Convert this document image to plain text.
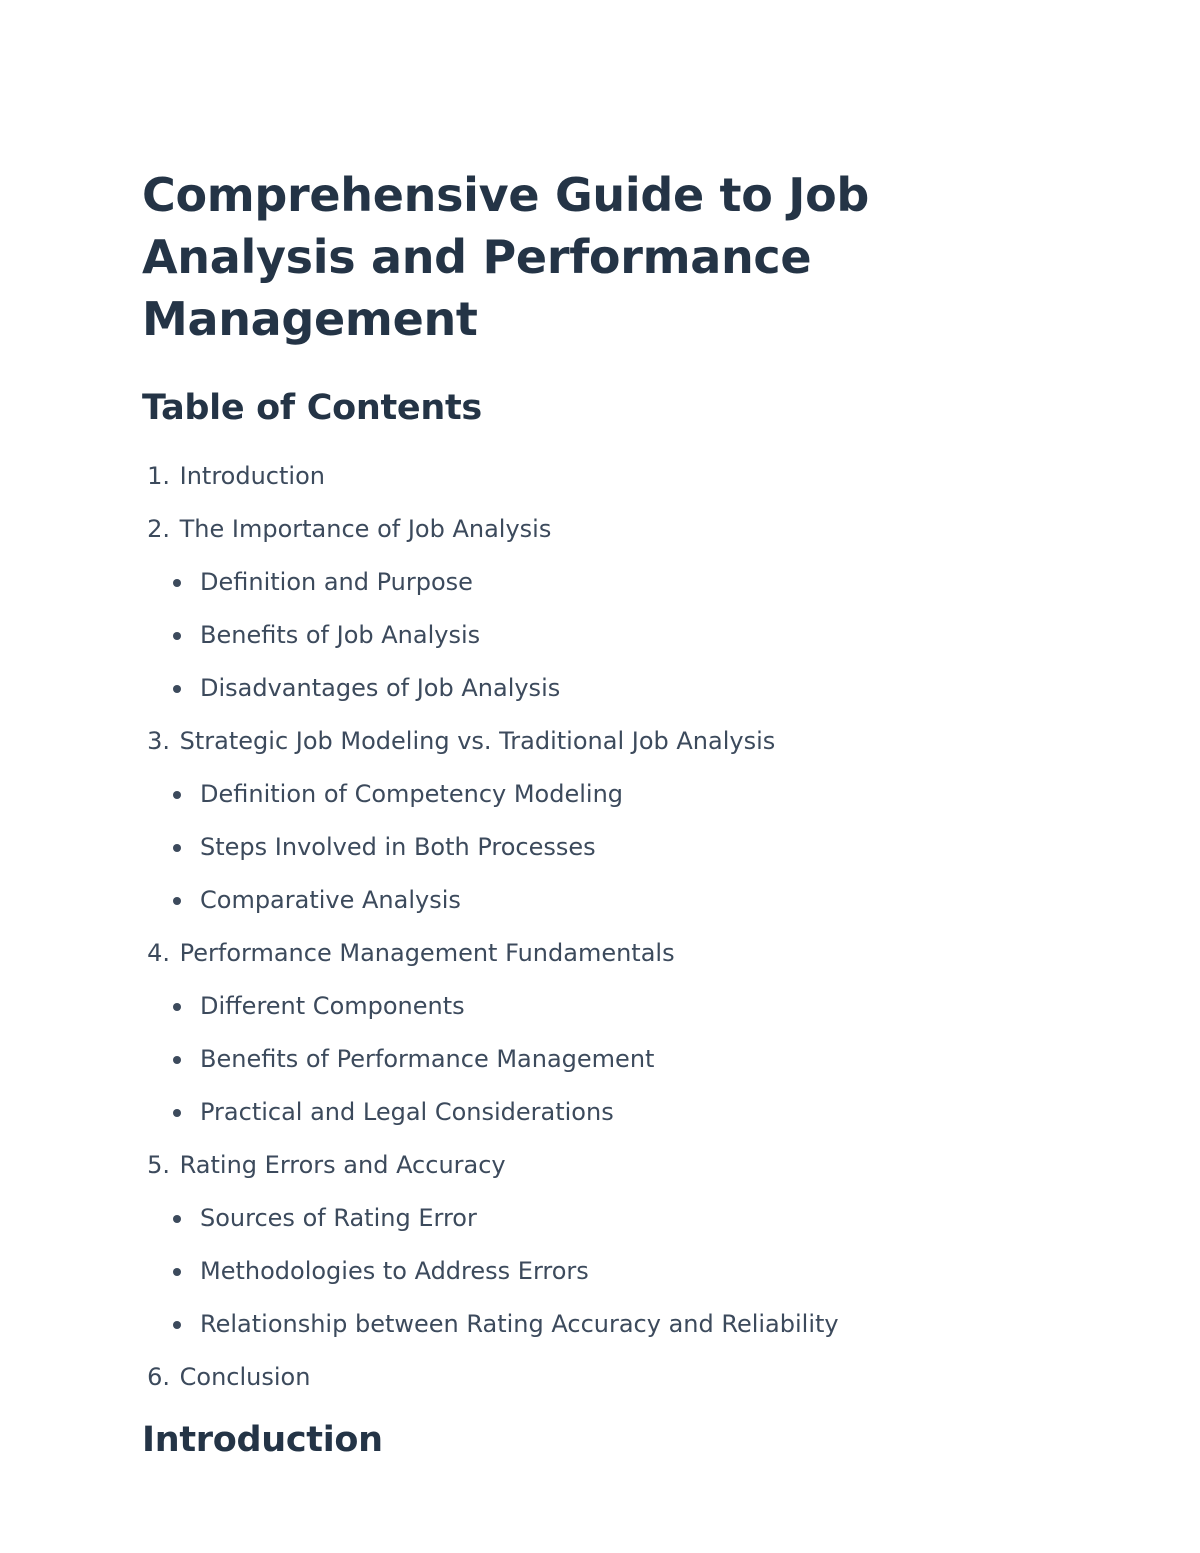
Comprehensive Guide to Job Analysis and Performance Management
Table of Contents
1. Introduction
2. The Importance of Job Analysis
Definition and Purpose
Benefits of Job Analysis
Disadvantages of Job Analysis
3. Strategic Job Modeling vs. Traditional Job Analysis
Definition of Competency Modeling
Steps Involved in Both Processes
Comparative Analysis
4. Performance Management Fundamentals
Different Components
Benefits of Performance Management
Practical and Legal Considerations
5. Rating Errors and Accuracy
Sources of Rating Error
Methodologies to Address Errors
Relationship between Rating Accuracy and Reliability
6. Conclusion
Introduction
